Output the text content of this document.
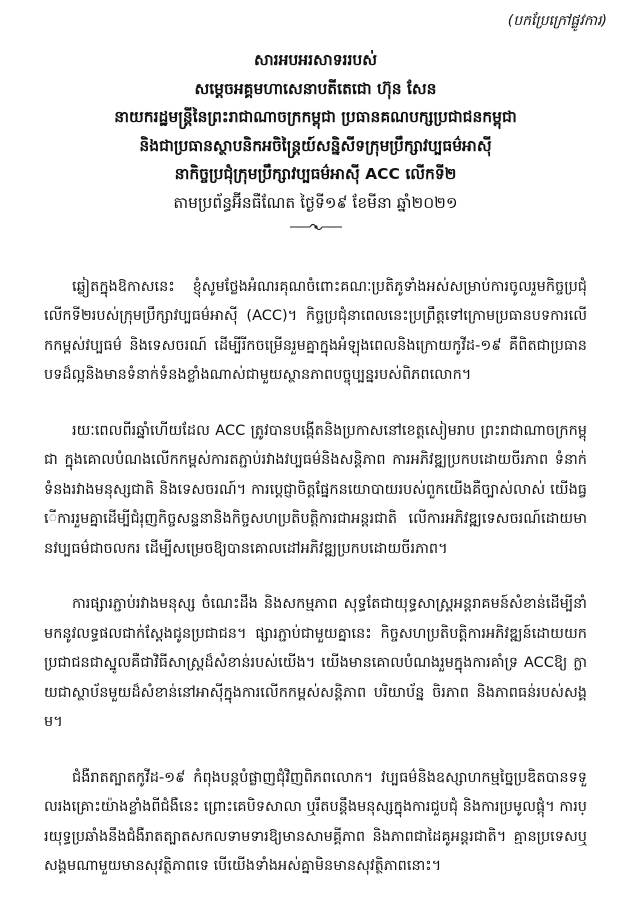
(បកប្រែក្រៅផ្លូវការ)
សារអបអរសាទររបស់
សម្តេចអគ្គមហាសេនាបតីតេជោ ហ៊ុន សែន
នាយករដ្ឋមន្ត្រីនៃព្រះរាជាណាចក្រកម្ពុជា ប្រធានគណបក្សប្រជាជនកម្ពុជា
និងជាប្រធានស្ថាបនិកអចិន្ត្រៃយ៍សន្និសីទក្រុមប្រឹក្សាវប្បធម៌អាស៊ី
នាកិច្ចប្រជុំក្រុមប្រឹក្សាវប្បធម៌អាស៊ី ACC លើកទី២
តាមប្រព័ន្ធអ៊ីនធឺណែត ថ្ងៃទី១៩ ខែមីនា ឆ្នាំ២០២១

ឆ្លៀតក្នុងឱកាសនេះ ខ្ញុំសូមថ្លែងអំណរគុណចំពោះគណៈប្រតិភូទាំងអស់សម្រាប់ការចូលរួមកិច្ចប្រជុំលើកទី២របស់ក្រុមប្រឹក្សាវប្បធម៌អាស៊ី (ACC)។ កិច្ចប្រជុំនាពេលនេះប្រព្រឹត្តទៅក្រោមប្រធានបទការលើកកម្ពស់វប្បធម៌ និងទេសចរណ៍ ដើម្បីរីកចម្រើនរួមគ្នាក្នុងអំឡុងពេលនិងក្រោយកូវីដ-១៩ គឺពិតជាប្រធានបទដ៏ល្អនិងមានទំនាក់ទំនងខ្លាំងណាស់ជាមួយស្ថានភាពបច្ចុប្បន្នរបស់ពិភពលោក។

រយៈពេលពីរឆ្នាំហើយដែល ACC ត្រូវបានបង្កើតនិងប្រកាសនៅខេត្តសៀមរាប ព្រះរាជាណាចក្រកម្ពុជា ក្នុងគោលបំណងលើកកម្ពស់ការតភ្ជាប់រវាងវប្បធម៌និងសន្តិភាព ការអភិវឌ្ឍប្រកបដោយចីរភាព ទំនាក់ទំនងរវាងមនុស្សជាតិ និងទេសចរណ៍។ ការប្តេជ្ញាចិត្តផ្នែកនយោបាយរបស់ពួកយើងគឺច្បាស់លាស់ យើងធ្វើការរួមគ្នាដើម្បីជំរុញកិច្ចសន្ទនានិងកិច្ចសហប្រតិបត្តិការជាអន្តរជាតិ លើការអភិវឌ្ឍទេសចរណ៍ដោយមានវប្បធម៌ជាចលករ ដើម្បីសម្រេចឱ្យបានគោលដៅអភិវឌ្ឍប្រកបដោយចីរភាព។

ការផ្សារភ្ជាប់រវាងមនុស្ស ចំណេះដឹង និងសកម្មភាព សុទ្ធតែជាយុទ្ធសាស្ត្រអន្តរាគមន៍សំខាន់ដើម្បីនាំមកនូវលទ្ធផលជាក់ស្តែងជូនប្រជាជន។ ផ្សារភ្ជាប់ជាមួយគ្នានេះ កិច្ចសហប្រតិបត្តិការអភិវឌ្ឍន៍ដោយយកប្រជាជនជាស្នូលគឺជាវិធីសាស្ត្រដ៏សំខាន់របស់យើង។ យើងមានគោលបំណងរួមក្នុងការគាំទ្រ ACCឱ្យ ក្លាយជាស្ថាប័នមួយដ៏សំខាន់នៅអាស៊ីក្នុងការលើកកម្ពស់សន្តិភាព បរិយាប័ន្ន ចិរភាព និងភាពធន់របស់សង្គម។

ជំងឺរាតត្បាតកូវីដ-១៩ កំពុងបន្តបំផ្លាញជុំវិញពិភពលោក។ វប្បធម៌និងឧស្សាហកម្មច្នៃប្រឌិតបានទទួលរងគ្រោះយ៉ាងខ្លាំងពីជំងឺនេះ ព្រោះគេបិទសាលា ឬរឹតបន្តឹងមនុស្សក្នុងការជួបជុំ និងការប្រមូលផ្តុំ។ ការប្រយុទ្ធប្រឆាំងនឹងជំងឺរាតត្បាតសកលទាមទារឱ្យមានសាមគ្គីភាព និងភាពជាដៃគូអន្តរជាតិ។ គ្មានប្រទេសឬសង្គមណាមួយមានសុវត្ថិភាពទេ បើយើងទាំងអស់គ្នាមិនមានសុវត្ថិភាពនោះ។
